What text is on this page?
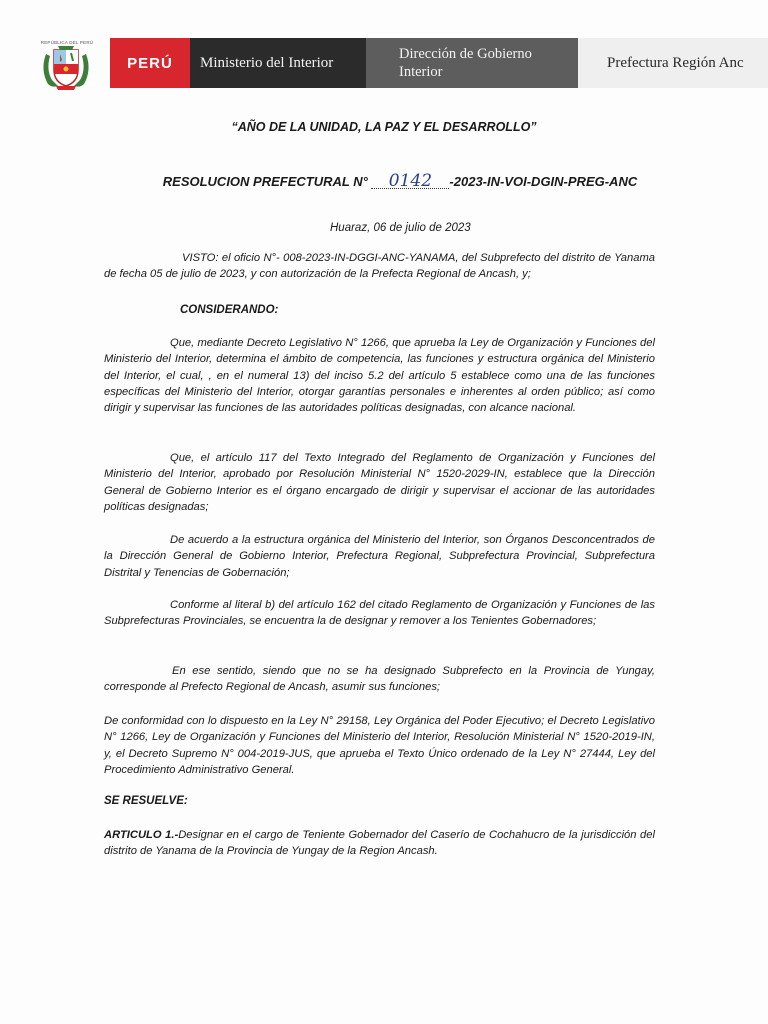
REPÚBLICA DEL PERÚ
PERÚ	Ministerio del Interior
Dirección de Gobierno
Interior
Prefectura Región Anc
“AÑO DE LA UNIDAD, LA PAZ Y EL DESARROLLO”
RESOLUCION PREFECTURAL N° 0142 -2023-IN-VOI-DGIN-PREG-ANC
Huaraz, 06 de julio de 2023
VISTO: el oficio N°- 008-2023-IN-DGGI-ANC-YANAMA, del Subprefecto del distrito de Yanama de fecha 05 de julio de 2023, y con autorización de la Prefecta Regional de Ancash, y;
CONSIDERANDO:
Que, mediante Decreto Legislativo N° 1266, que aprueba la Ley de Organización y Funciones del Ministerio del Interior, determina el ámbito de competencia, las funciones y estructura orgánica del Ministerio del Interior, el cual, , en el numeral 13) del inciso 5.2 del artículo 5 establece como una de las funciones específicas del Ministerio del Interior, otorgar garantías personales e inherentes al orden público; así como dirigir y supervisar las funciones de las autoridades políticas designadas, con alcance nacional.
Que, el artículo 117 del Texto Integrado del Reglamento de Organización y Funciones del Ministerio del Interior, aprobado por Resolución Ministerial N° 1520-2029-IN, establece que la Dirección General de Gobierno Interior es el órgano encargado de dirigir y supervisar el accionar de las autoridades políticas designadas;
De acuerdo a la estructura orgánica del Ministerio del Interior, son Órganos Desconcentrados de la Dirección General de Gobierno Interior, Prefectura Regional, Subprefectura Provincial, Subprefectura Distrital y Tenencias de Gobernación;
Conforme al literal b) del artículo 162 del citado Reglamento de Organización y Funciones de las Subprefecturas Provinciales, se encuentra la de designar y remover a los Tenientes Gobernadores;
En ese sentido, siendo que no se ha designado Subprefecto en la Provincia de Yungay, corresponde al Prefecto Regional de Ancash, asumir sus funciones;
De conformidad con lo dispuesto en la Ley N° 29158, Ley Orgánica del Poder Ejecutivo; el Decreto Legislativo N° 1266, Ley de Organización y Funciones del Ministerio del Interior, Resolución Ministerial N° 1520-2019-IN, y, el Decreto Supremo N° 004-2019-JUS, que aprueba el Texto Único ordenado de la Ley N° 27444, Ley del Procedimiento Administrativo General.
SE RESUELVE:
ARTICULO 1.-Designar en el cargo de Teniente Gobernador del Caserío de Cochahucro de la jurisdicción del distrito de Yanama de la Provincia de Yungay de la Region Ancash.
